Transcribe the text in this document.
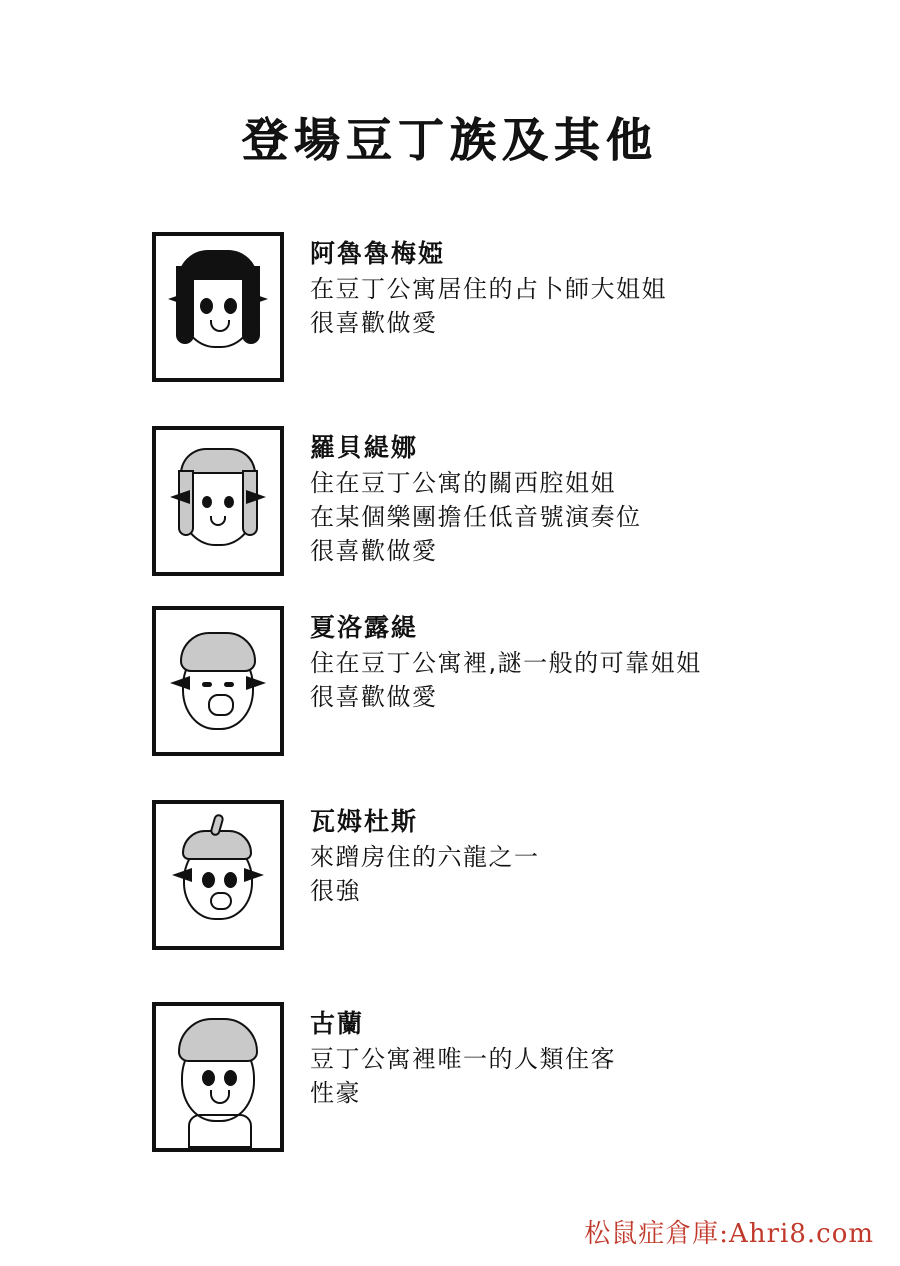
登場豆丁族及其他
阿魯魯梅婭
在豆丁公寓居住的占卜師大姐姐
很喜歡做愛
羅貝緹娜
住在豆丁公寓的關西腔姐姐
在某個樂團擔任低音號演奏位
很喜歡做愛
夏洛露緹
住在豆丁公寓裡,謎一般的可靠姐姐
很喜歡做愛
瓦姆杜斯
來蹭房住的六龍之一
很強
古蘭
豆丁公寓裡唯一的人類住客
性豪
松鼠症倉庫:Ahri8.com
